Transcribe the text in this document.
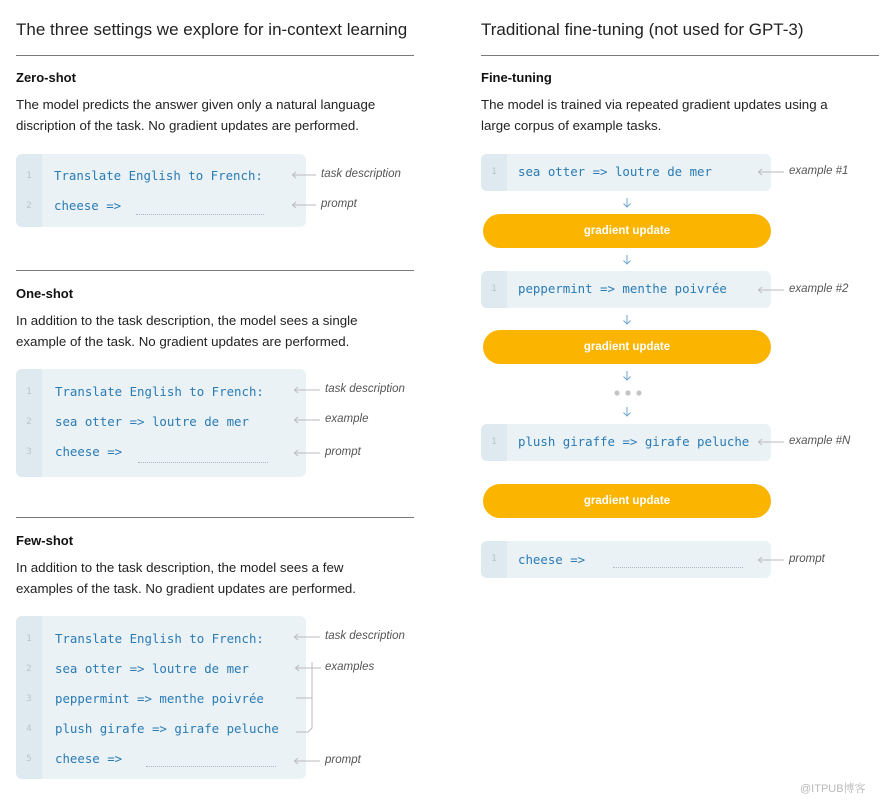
The three settings we explore for in-context learning
Zero-shot
The model predicts the answer given only a natural language
discription of the task. No gradient updates are performed.
1
2
Translate English to French:
cheese =>
task description
prompt
One-shot
In addition to the task description, the model sees a single
example of the task. No gradient updates are performed.
1
2
3
Translate English to French:
sea otter => loutre de mer
cheese =>
task description
example
prompt
Few-shot
In addition to the task description, the model sees a few
examples of the task. No gradient updates are performed.
1
2
3
4
5
Translate English to French:
sea otter => loutre de mer
peppermint => menthe poivrée
plush girafe => girafe peluche
cheese =>
task description
examples
prompt
Traditional fine-tuning (not used for GPT-3)
Fine-tuning
The model is trained via repeated gradient updates using a
large corpus of example tasks.
1	sea otter => loutre de mer	example #1
gradient update
1	peppermint => menthe poivrée	example #2
gradient update
1	plush giraffe => girafe peluche	example #N
gradient update
1	cheese =>	prompt
@ITPUB博客
